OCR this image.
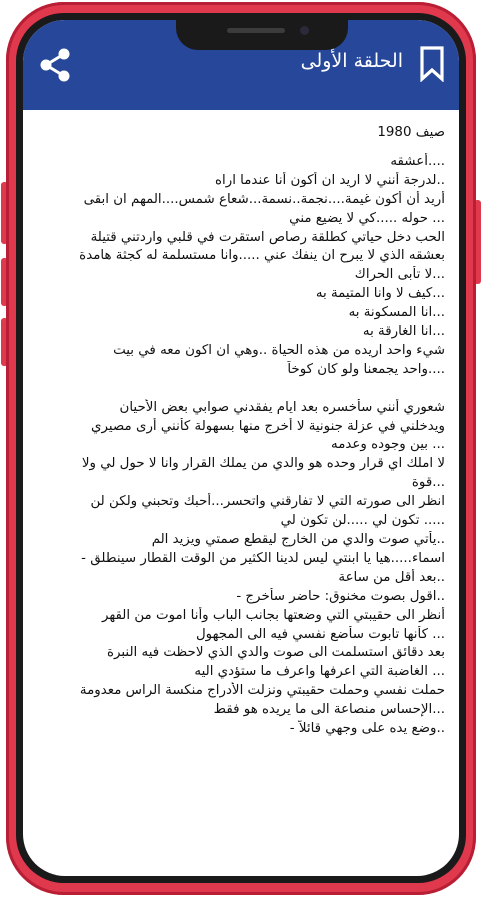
الحلقة الأولى
صيف 1980
....أعشقه
..لدرجة أنني لا اريد ان أكون أنا عندما اراه
أريد أن أكون غيمة....نجمة..نسمة...شعاع شمس....المهم ان ابقى
... حوله .....كي لا يضيع مني
الحب دخل حياتي كطلقة رصاص استقرت في قلبي واردتني قتيلة
بعشقه الذي لا يبرح ان ينفك عني .....وانا مستسلمة له كجثة هامدة
...لا تأبى الحراك
...كيف لا وانا المتيمة به
...انا المسكونة به
...انا الغارقة به
شيء واحد اريده من هذه الحياة ..وهي ان اكون معه في بيت
....واحد يجمعنا ولو كان كوخاً
شعوري أنني سأخسره بعد ايام يفقدني صوابي بعض الأحيان
ويدخلني في عزلة جنونية لا أخرج منها بسهولة كأنني أرى مصيري
... بين وجوده وعدمه
لا املك اي قرار وحده هو والدي من يملك القرار وانا لا حول لي ولا
...قوة
انظر الى صورته التي لا تفارقني واتحسر...أحبك وتحبني ولكن لن
..... تكون لي .....لن تكون لي
..يأتي صوت والدي من الخارج ليقطع صمتي ويزيد الم
اسماء.....هيا يا ابنتي ليس لدينا الكثير من الوقت القطار سينطلق -
..بعد أقل من ساعة
..اقول بصوت مخنوق: حاضر سأخرج -
أنظر الى حقيبتي التي وضعتها بجانب الباب وأنا اموت من القهر
... كأنها تابوت سأضع نفسي فيه الى المجهول
بعد دقائق استسلمت الى صوت والدي الذي لاحظت فيه النبرة
... الغاضبة التي اعرفها واعرف ما ستؤدي اليه
حملت نفسي وحملت حقيبتي ونزلت الأدراج منكسة الراس معدومة
...الإحساس منصاعة الى ما يريده هو فقط
..وضع يده على وجهي قائلاً -
